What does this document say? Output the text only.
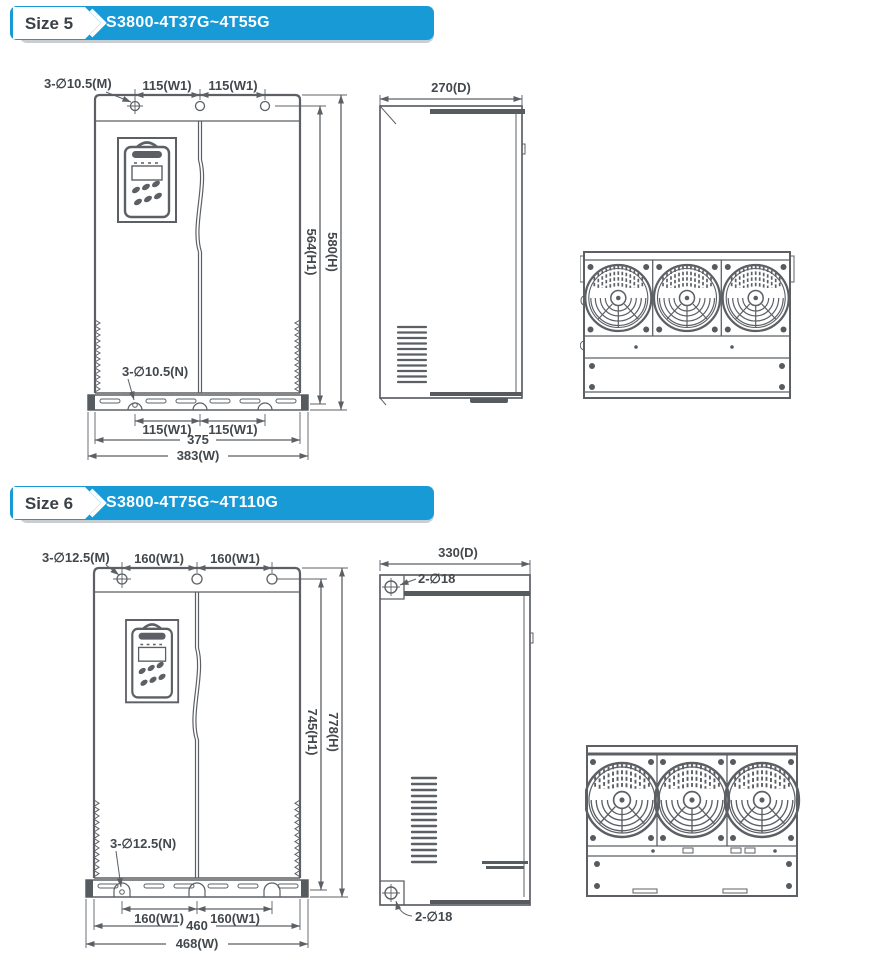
S3800-4T37G~4T55G
Size 5
3-∅10.5(M) 115(W1) 115(W1)
3-∅10.5(N)
115(W1) 115(W1)
375
383(W)
564(H1) 580(H)
270(D)
S3800-4T75G~4T110G
Size 6
3-∅12.5(M) 160(W1) 160(W1)
3-∅12.5(N)
160(W1) 160(W1)
460
468(W)
745(H1) 778(H)
330(D)
2-∅18
2-∅18
